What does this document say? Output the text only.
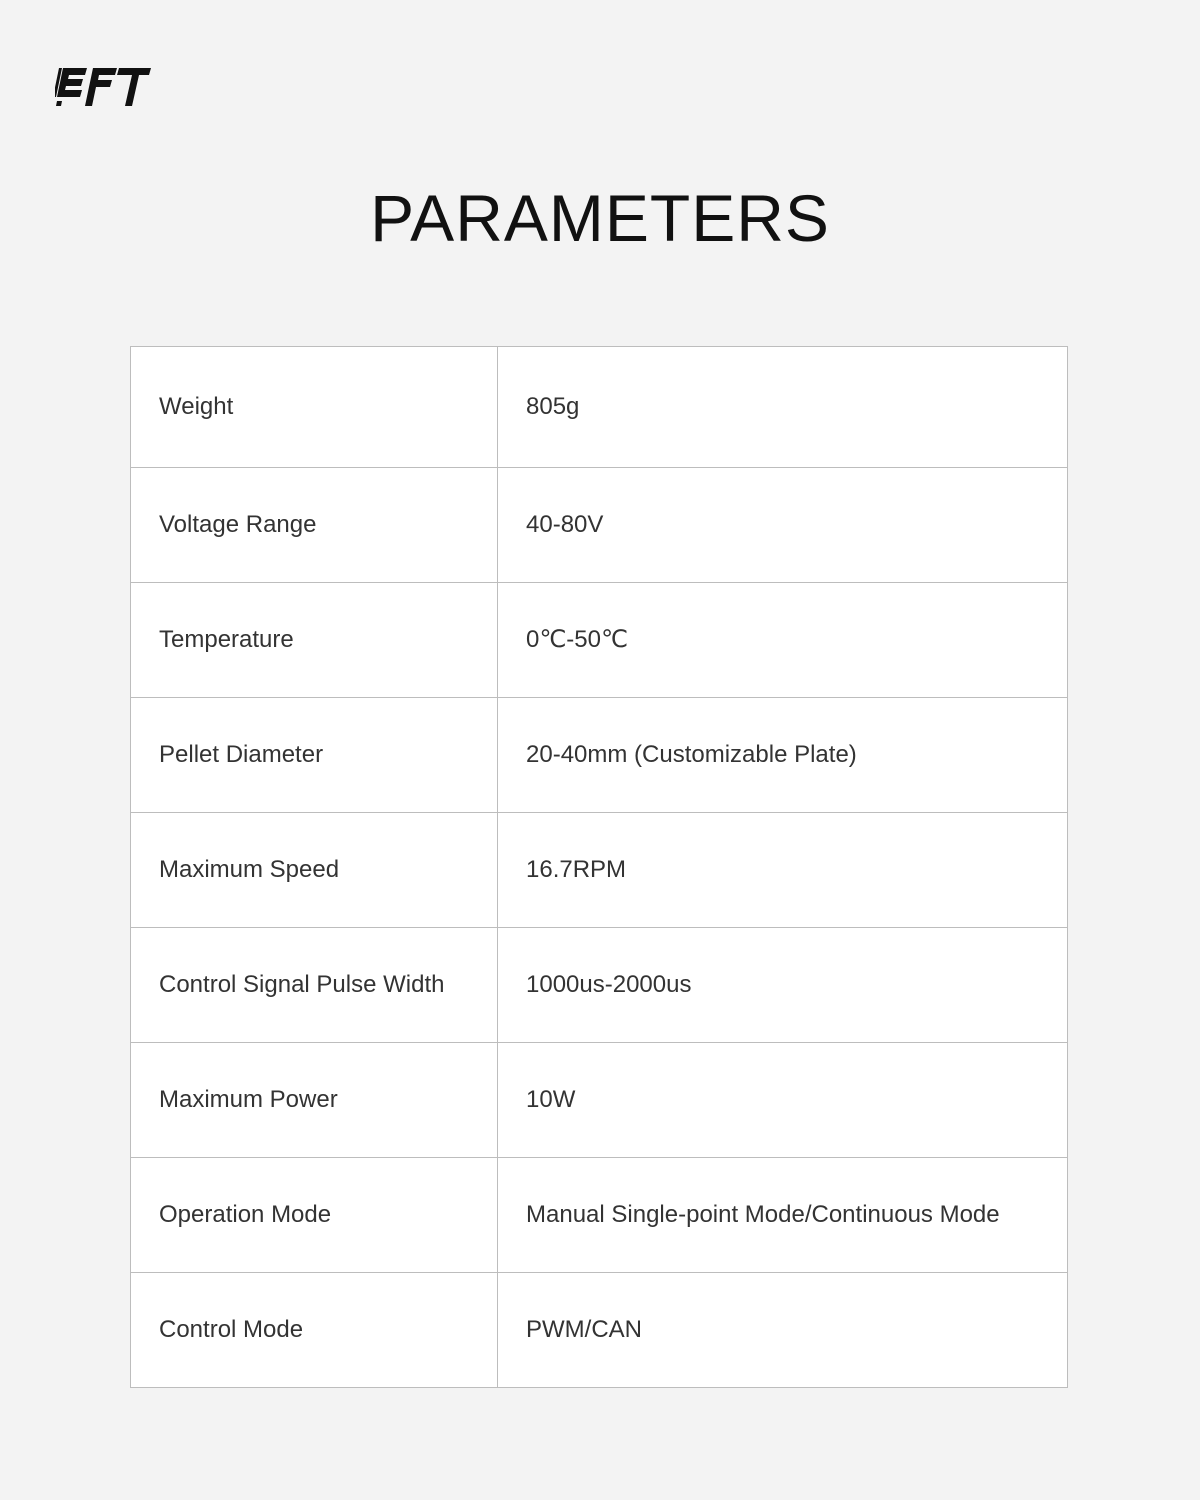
PARAMETERS
Weight	805g
Voltage Range	40-80V
Temperature	0℃-50℃
Pellet Diameter	20-40mm (Customizable Plate)
Maximum Speed	16.7RPM
Control Signal Pulse Width	1000us-2000us
Maximum Power	10W
Operation Mode	Manual Single-point Mode/Continuous Mode
Control Mode	PWM/CAN
